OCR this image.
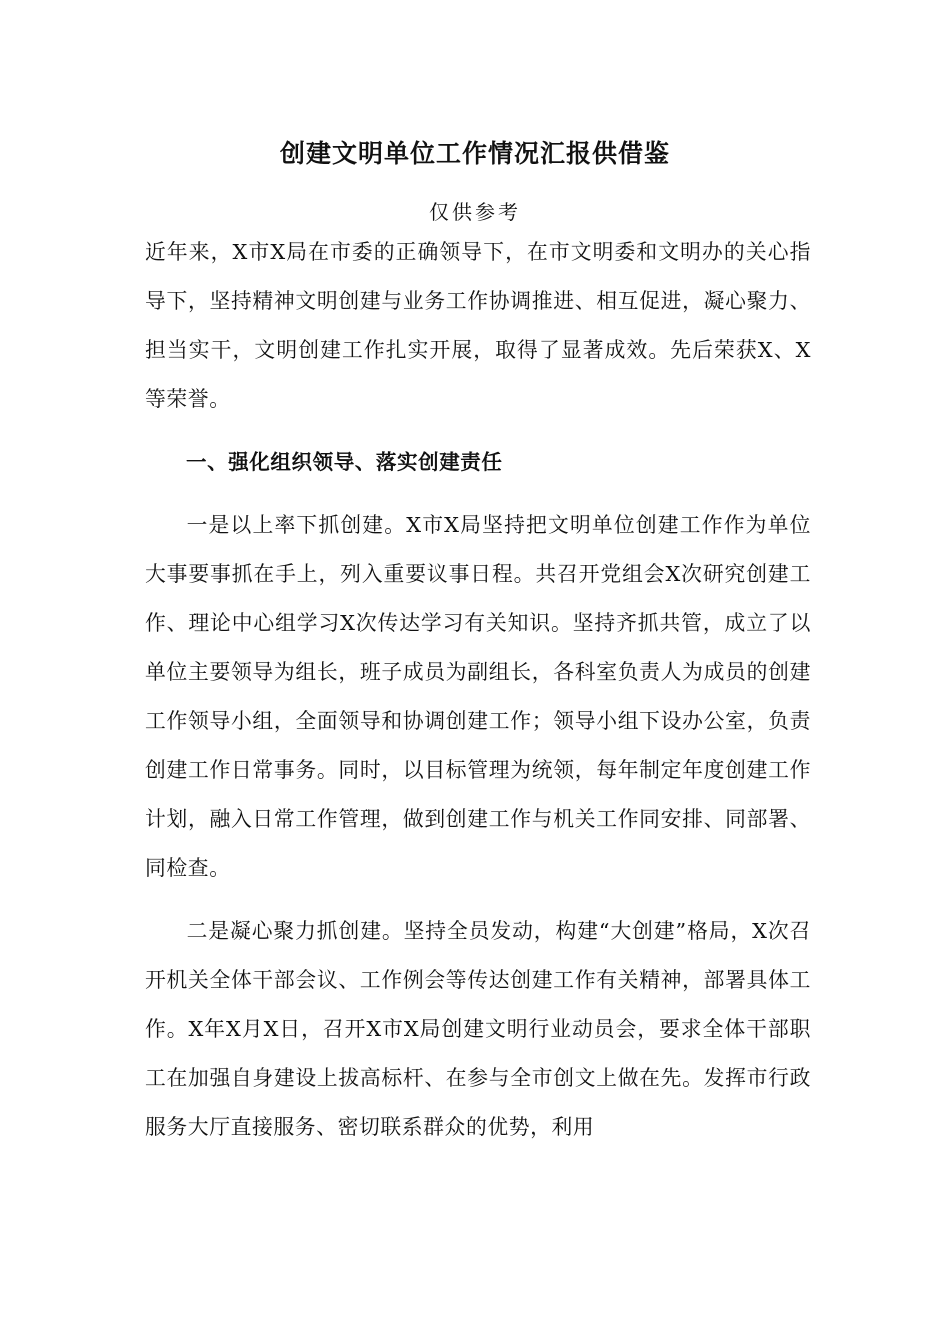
创建文明单位工作情况汇报供借鉴
仅供参考

近年来，X市X局在市委的正确领导下，在市文明委和文明办的关心指导下，坚持精神文明创建与业务工作协调推进、相互促进，凝心聚力、担当实干，文明创建工作扎实开展，取得了显著成效。先后荣获X、X等荣誉。

一、强化组织领导、落实创建责任

一是以上率下抓创建。X市X局坚持把文明单位创建工作作为单位大事要事抓在手上，列入重要议事日程。共召开党组会X次研究创建工作、理论中心组学习X次传达学习有关知识。坚持齐抓共管，成立了以单位主要领导为组长，班子成员为副组长，各科室负责人为成员的创建工作领导小组，全面领导和协调创建工作；领导小组下设办公室，负责创建工作日常事务。同时，以目标管理为统领，每年制定年度创建工作计划，融入日常工作管理，做到创建工作与机关工作同安排、同部署、同检查。

二是凝心聚力抓创建。坚持全员发动，构建“大创建”格局，X次召开机关全体干部会议、工作例会等传达创建工作有关精神，部署具体工作。X年X月X日，召开X市X局创建文明行业动员会，要求全体干部职工在加强自身建设上拔高标杆、在参与全市创文上做在先。发挥市行政服务大厅直接服务、密切联系群众的优势，利用
